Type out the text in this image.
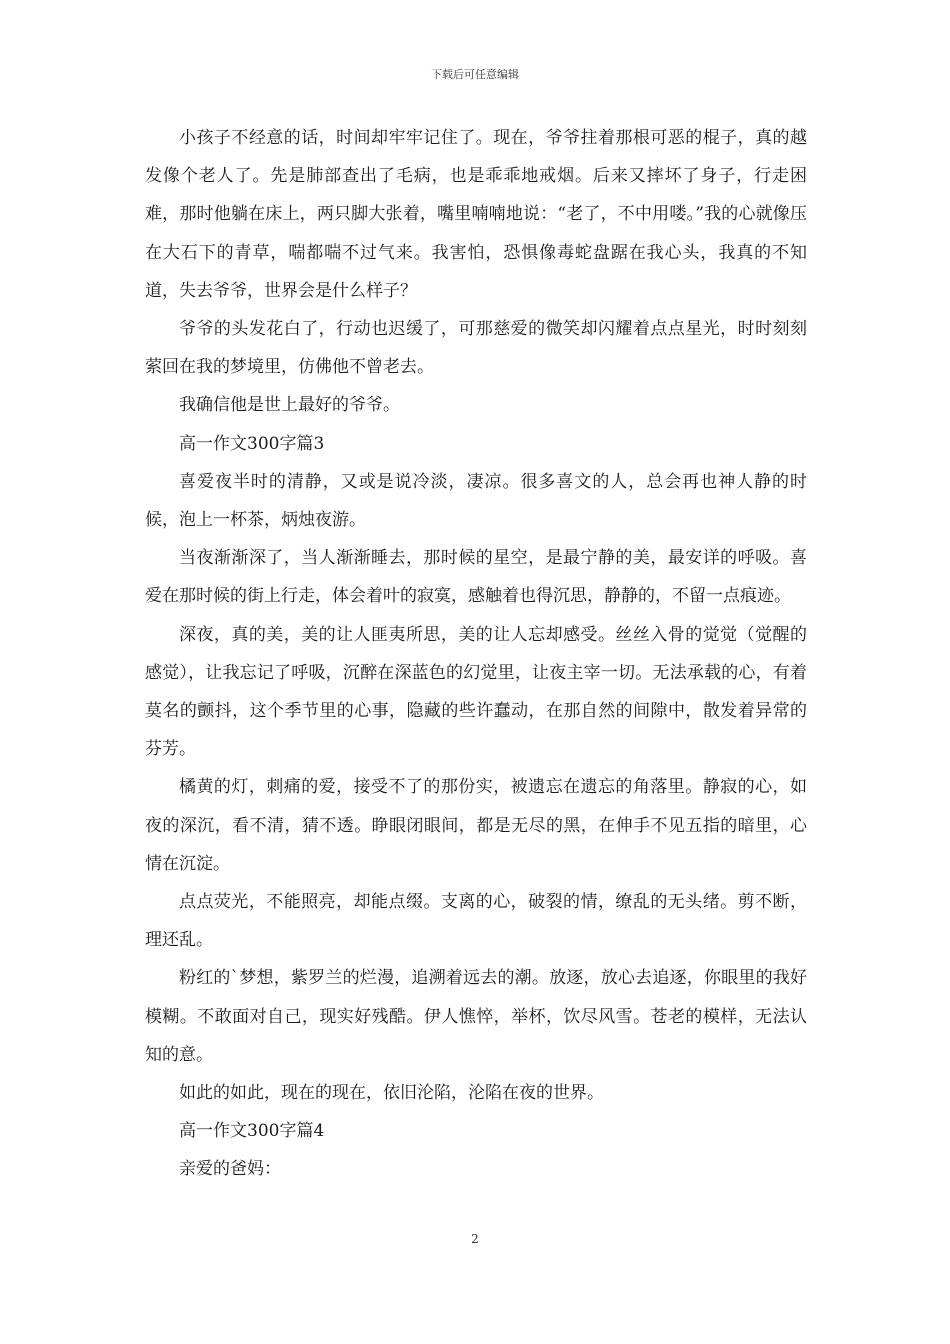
下载后可任意编辑

小孩子不经意的话，时间却牢牢记住了。现在，爷爷拄着那根可恶的棍子，真的越发像个老人了。先是肺部查出了毛病，也是乖乖地戒烟。后来又摔坏了身子，行走困难，那时他躺在床上，两只脚大张着，嘴里喃喃地说：“老了，不中用喽。”我的心就像压在大石下的青草，喘都喘不过气来。我害怕，恐惧像毒蛇盘踞在我心头，我真的不知道，失去爷爷，世界会是什么样子？

爷爷的头发花白了，行动也迟缓了，可那慈爱的微笑却闪耀着点点星光，时时刻刻萦回在我的梦境里，仿佛他不曾老去。

我确信他是世上最好的爷爷。

高一作文300字篇3

喜爱夜半时的清静，又或是说冷淡，凄凉。很多喜文的人，总会再也神人静的时候，泡上一杯茶，炳烛夜游。

当夜渐渐深了，当人渐渐睡去，那时候的星空，是最宁静的美，最安详的呼吸。喜爱在那时候的街上行走，体会着叶的寂寞，感触着也得沉思，静静的，不留一点痕迹。

深夜，真的美，美的让人匪夷所思，美的让人忘却感受。丝丝入骨的觉觉（觉醒的感觉），让我忘记了呼吸，沉醉在深蓝色的幻觉里，让夜主宰一切。无法承载的心，有着莫名的颤抖，这个季节里的心事，隐藏的些许蠢动，在那自然的间隙中，散发着异常的芬芳。

橘黄的灯，刺痛的爱，接受不了的那份实，被遗忘在遗忘的角落里。静寂的心，如夜的深沉，看不清，猜不透。睁眼闭眼间，都是无尽的黑，在伸手不见五指的暗里，心情在沉淀。

点点荧光，不能照亮，却能点缀。支离的心，破裂的情，缭乱的无头绪。剪不断，理还乱。

粉红的`梦想，紫罗兰的烂漫，追溯着远去的潮。放逐，放心去追逐，你眼里的我好模糊。不敢面对自己，现实好残酷。伊人憔悴，举杯，饮尽风雪。苍老的模样，无法认知的意。

如此的如此，现在的现在，依旧沦陷，沦陷在夜的世界。

高一作文300字篇4

亲爱的爸妈：

2
